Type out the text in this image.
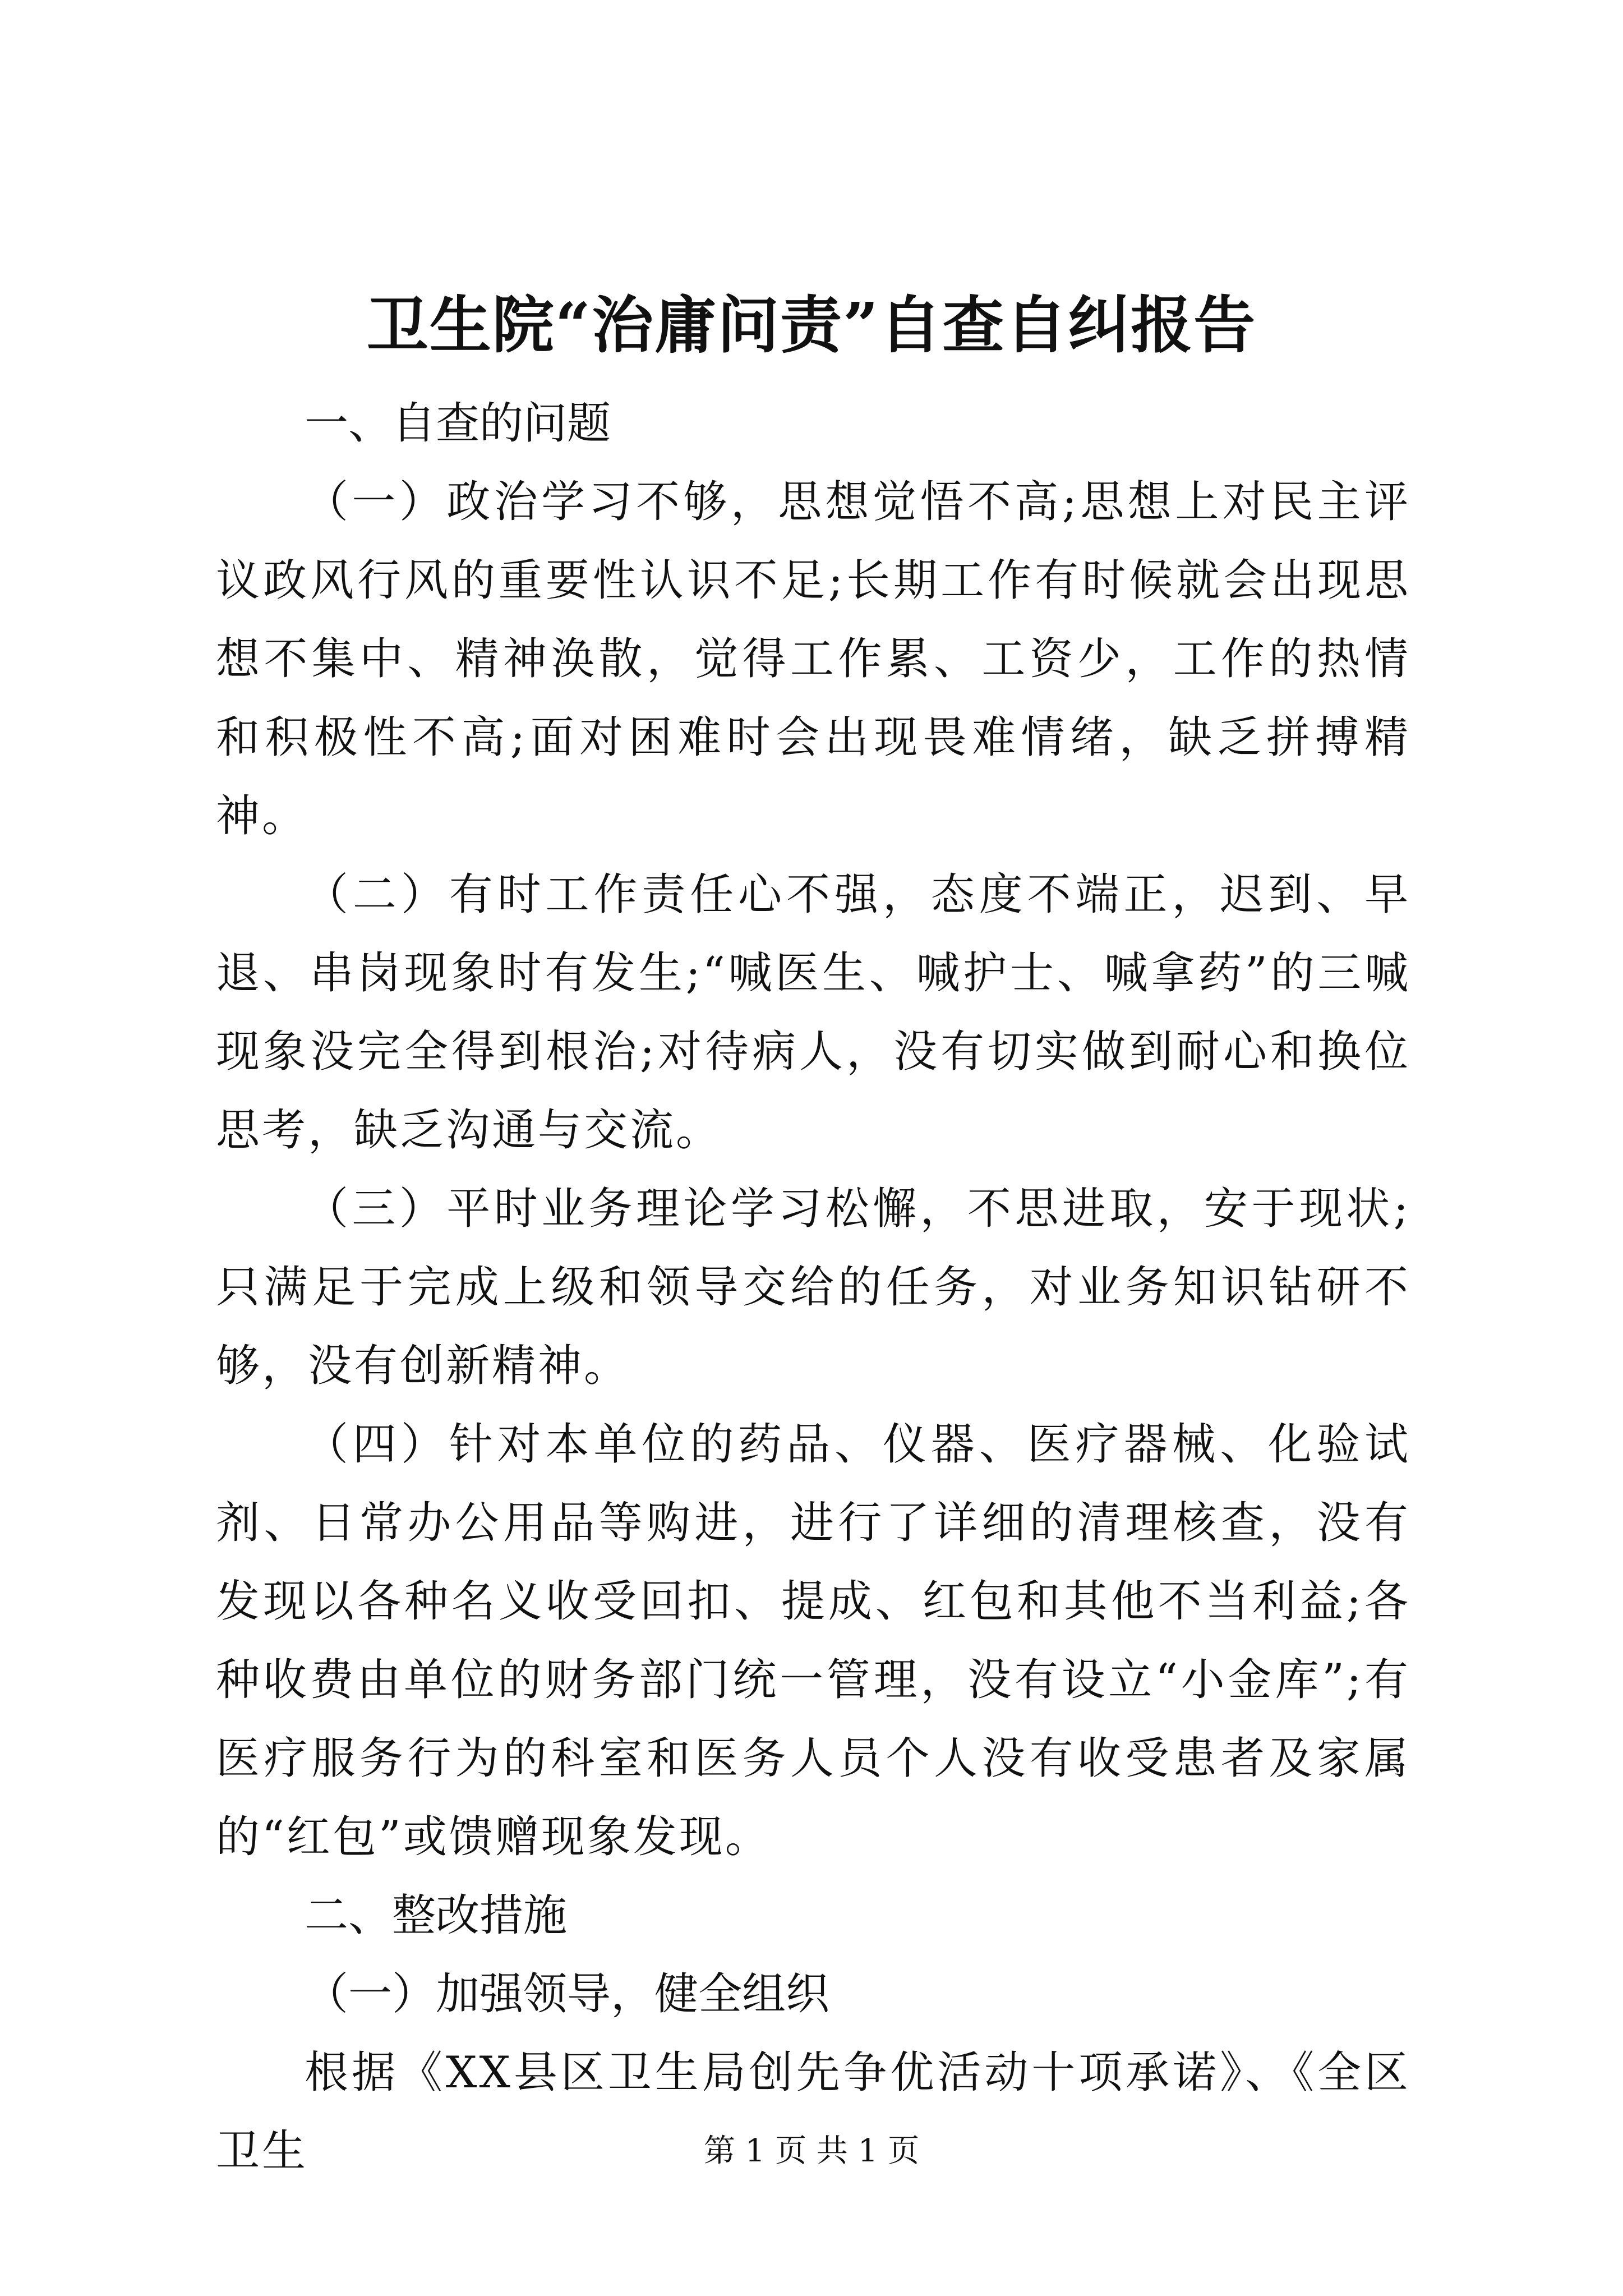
卫生院“治庸问责”自查自纠报告

一、自查的问题

（一）政治学习不够，思想觉悟不高;思想上对民主评议政风行风的重要性认识不足;长期工作有时候就会出现思想不集中、精神涣散，觉得工作累、工资少，工作的热情和积极性不高;面对困难时会出现畏难情绪，缺乏拼搏精神。

（二）有时工作责任心不强，态度不端正，迟到、早退、串岗现象时有发生;“喊医生、喊护士、喊拿药”的三喊现象没完全得到根治;对待病人，没有切实做到耐心和换位思考，缺乏沟通与交流。

（三）平时业务理论学习松懈，不思进取，安于现状;只满足于完成上级和领导交给的任务，对业务知识钻研不够，没有创新精神。

（四）针对本单位的药品、仪器、医疗器械、化验试剂、日常办公用品等购进，进行了详细的清理核查，没有发现以各种名义收受回扣、提成、红包和其他不当利益;各种收费由单位的财务部门统一管理，没有设立“小金库”;有医疗服务行为的科室和医务人员个人没有收受患者及家属的“红包”或馈赠现象发现。

二、整改措施

（一）加强领导，健全组织

根据《XX县区卫生局创先争优活动十项承诺》、《全区卫生	第 1 页 共 1 页
